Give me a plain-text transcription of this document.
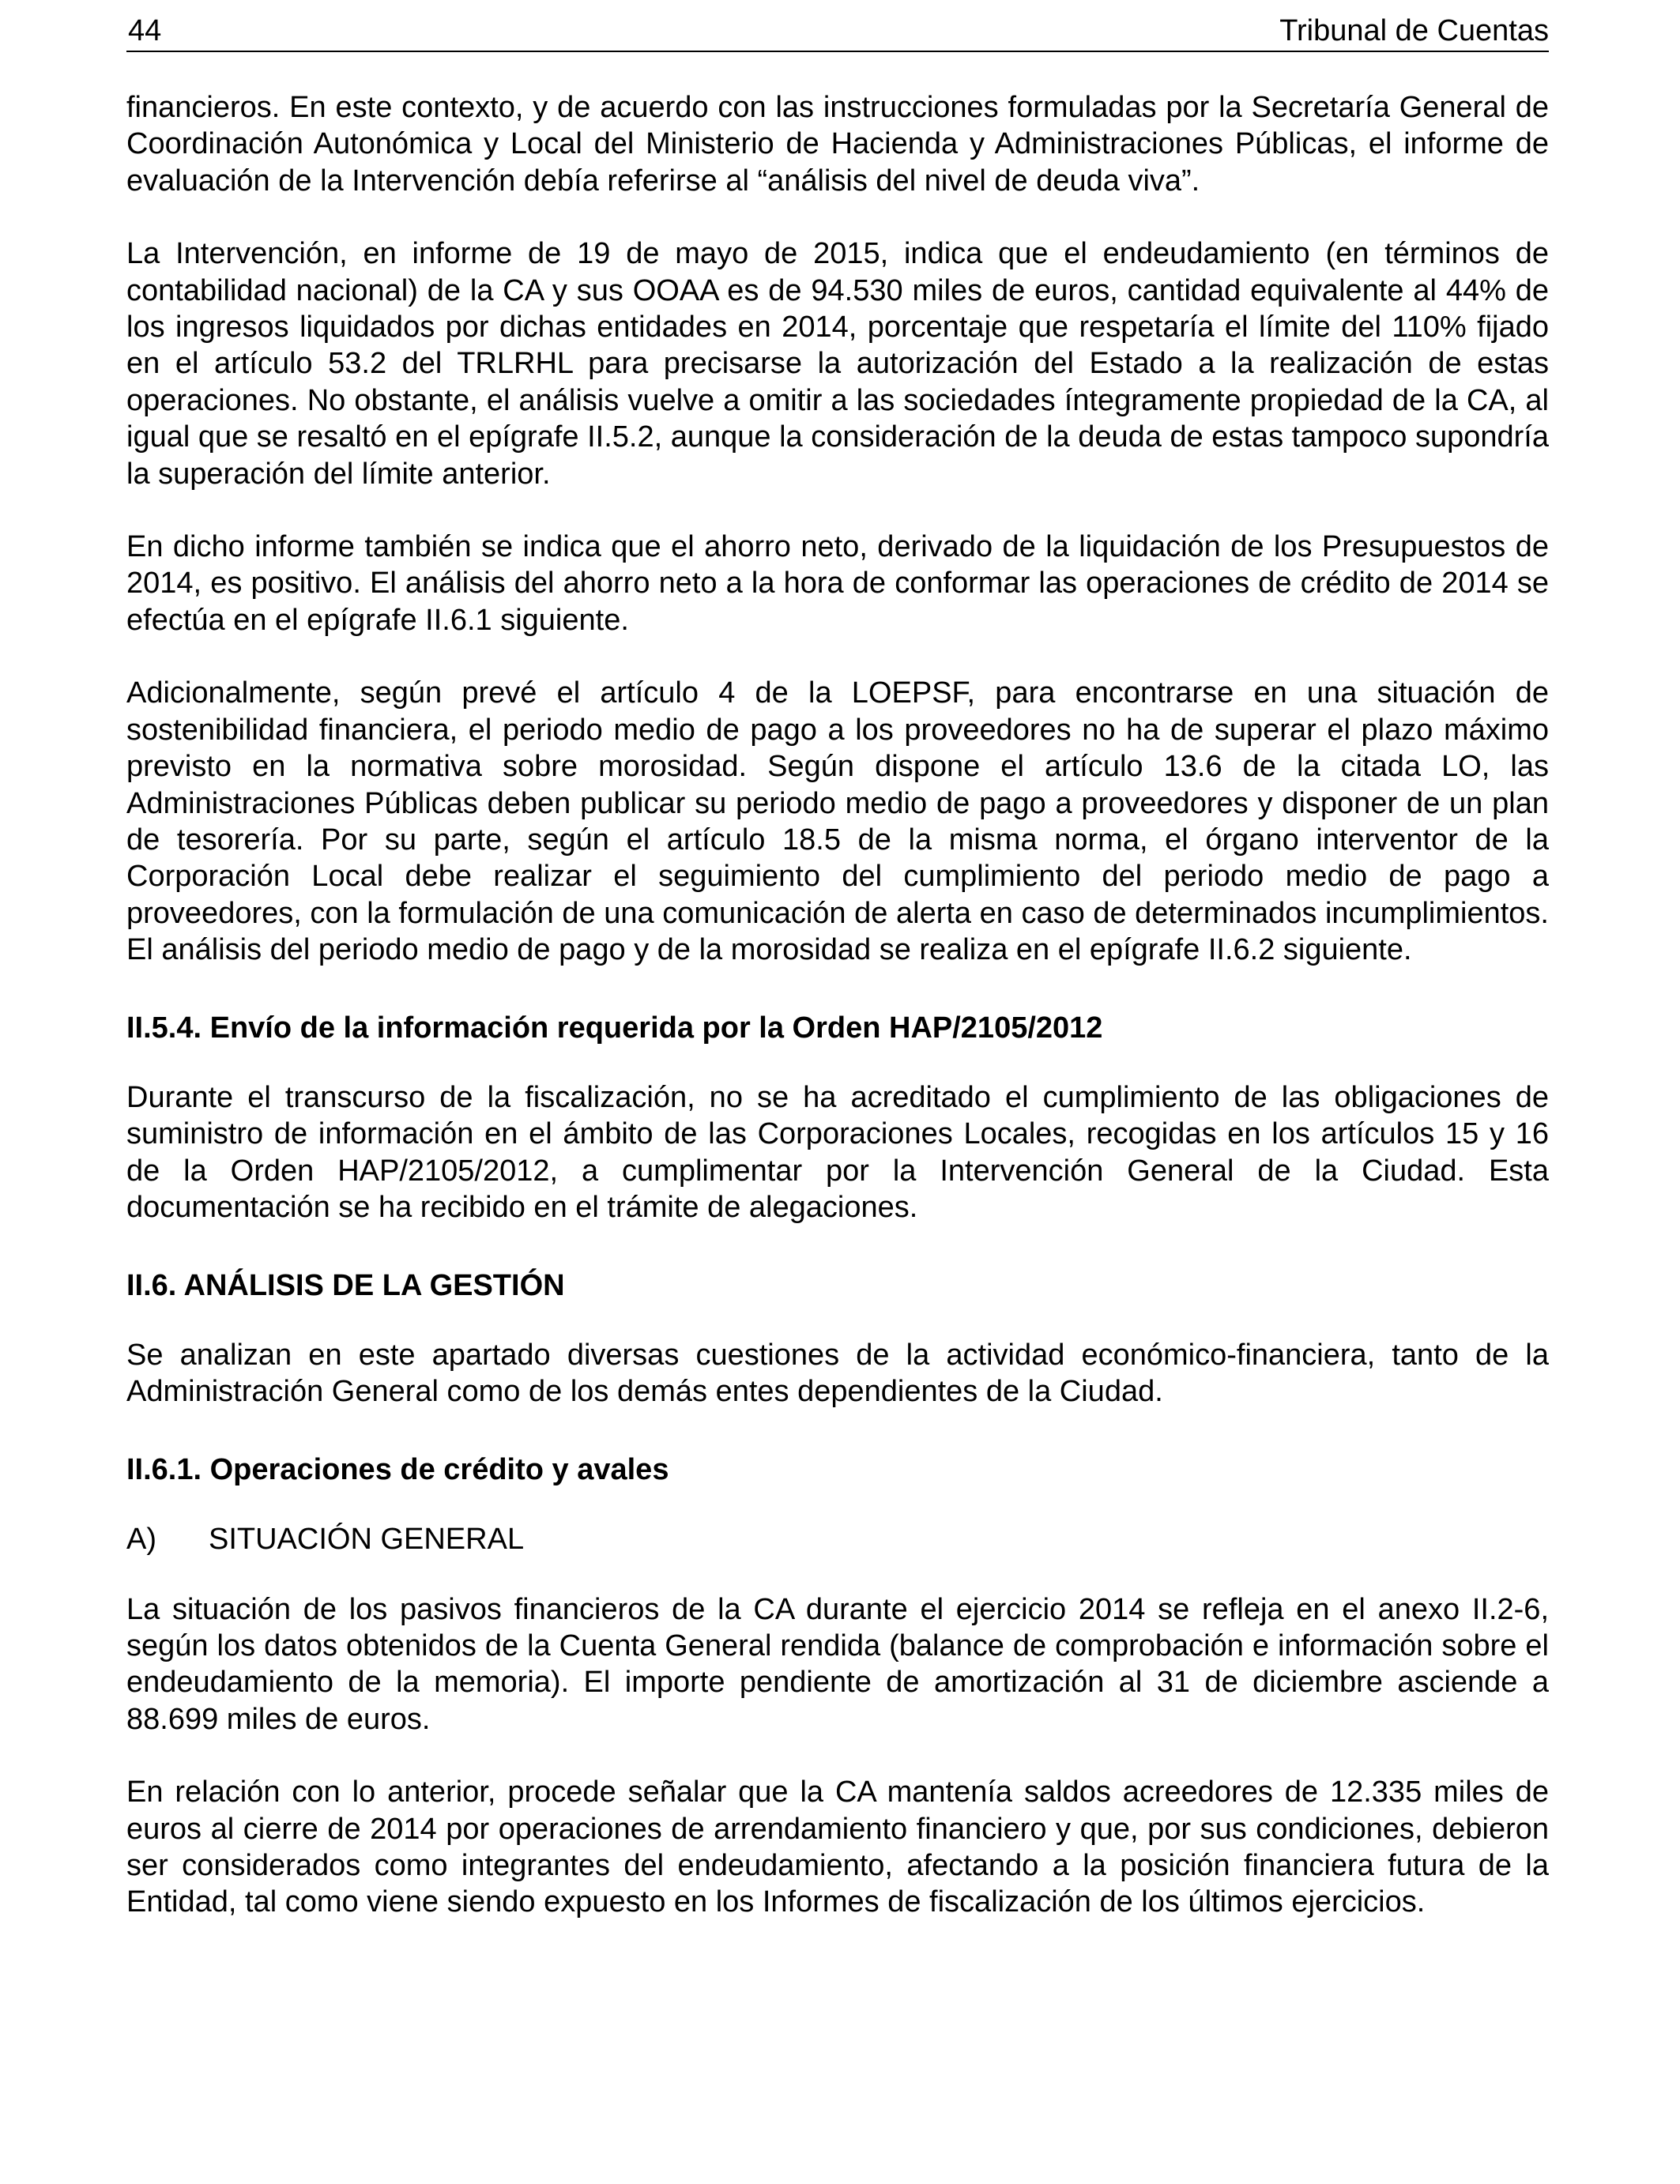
44	Tribunal de Cuentas

financieros. En este contexto, y de acuerdo con las instrucciones formuladas por la Secretaría General de Coordinación Autonómica y Local del Ministerio de Hacienda y Administraciones Públicas, el informe de evaluación de la Intervención debía referirse al “análisis del nivel de deuda viva”.

La Intervención, en informe de 19 de mayo de 2015, indica que el endeudamiento (en términos de contabilidad nacional) de la CA y sus OOAA es de 94.530 miles de euros, cantidad equivalente al 44% de los ingresos liquidados por dichas entidades en 2014, porcentaje que respetaría el límite del 110% fijado en el artículo 53.2 del TRLRHL para precisarse la autorización del Estado a la realización de estas operaciones. No obstante, el análisis vuelve a omitir a las sociedades íntegramente propiedad de la CA, al igual que se resaltó en el epígrafe II.5.2, aunque la consideración de la deuda de estas tampoco supondría la superación del límite anterior.

En dicho informe también se indica que el ahorro neto, derivado de la liquidación de los Presupuestos de 2014, es positivo. El análisis del ahorro neto a la hora de conformar las operaciones de crédito de 2014 se efectúa en el epígrafe II.6.1 siguiente.

Adicionalmente, según prevé el artículo 4 de la LOEPSF, para encontrarse en una situación de sostenibilidad financiera, el periodo medio de pago a los proveedores no ha de superar el plazo máximo previsto en la normativa sobre morosidad. Según dispone el artículo 13.6 de la citada LO, las Administraciones Públicas deben publicar su periodo medio de pago a proveedores y disponer de un plan de tesorería. Por su parte, según el artículo 18.5 de la misma norma, el órgano interventor de la Corporación Local debe realizar el seguimiento del cumplimiento del periodo medio de pago a proveedores, con la formulación de una comunicación de alerta en caso de determinados incumplimientos. El análisis del periodo medio de pago y de la morosidad se realiza en el epígrafe II.6.2 siguiente.

II.5.4. Envío de la información requerida por la Orden HAP/2105/2012

Durante el transcurso de la fiscalización, no se ha acreditado el cumplimiento de las obligaciones de suministro de información en el ámbito de las Corporaciones Locales, recogidas en los artículos 15 y 16 de la Orden HAP/2105/2012, a cumplimentar por la Intervención General de la Ciudad. Esta documentación se ha recibido en el trámite de alegaciones.

II.6. ANÁLISIS DE LA GESTIÓN

Se analizan en este apartado diversas cuestiones de la actividad económico-financiera, tanto de la Administración General como de los demás entes dependientes de la Ciudad.

II.6.1. Operaciones de crédito y avales
A)	SITUACIÓN GENERAL

La situación de los pasivos financieros de la CA durante el ejercicio 2014 se refleja en el anexo II.2-6, según los datos obtenidos de la Cuenta General rendida (balance de comprobación e información sobre el endeudamiento de la memoria). El importe pendiente de amortización al 31 de diciembre asciende a 88.699 miles de euros.

En relación con lo anterior, procede señalar que la CA mantenía saldos acreedores de 12.335 miles de euros al cierre de 2014 por operaciones de arrendamiento financiero y que, por sus condiciones, debieron ser considerados como integrantes del endeudamiento, afectando a la posición financiera futura de la Entidad, tal como viene siendo expuesto en los Informes de fiscalización de los últimos ejercicios.
